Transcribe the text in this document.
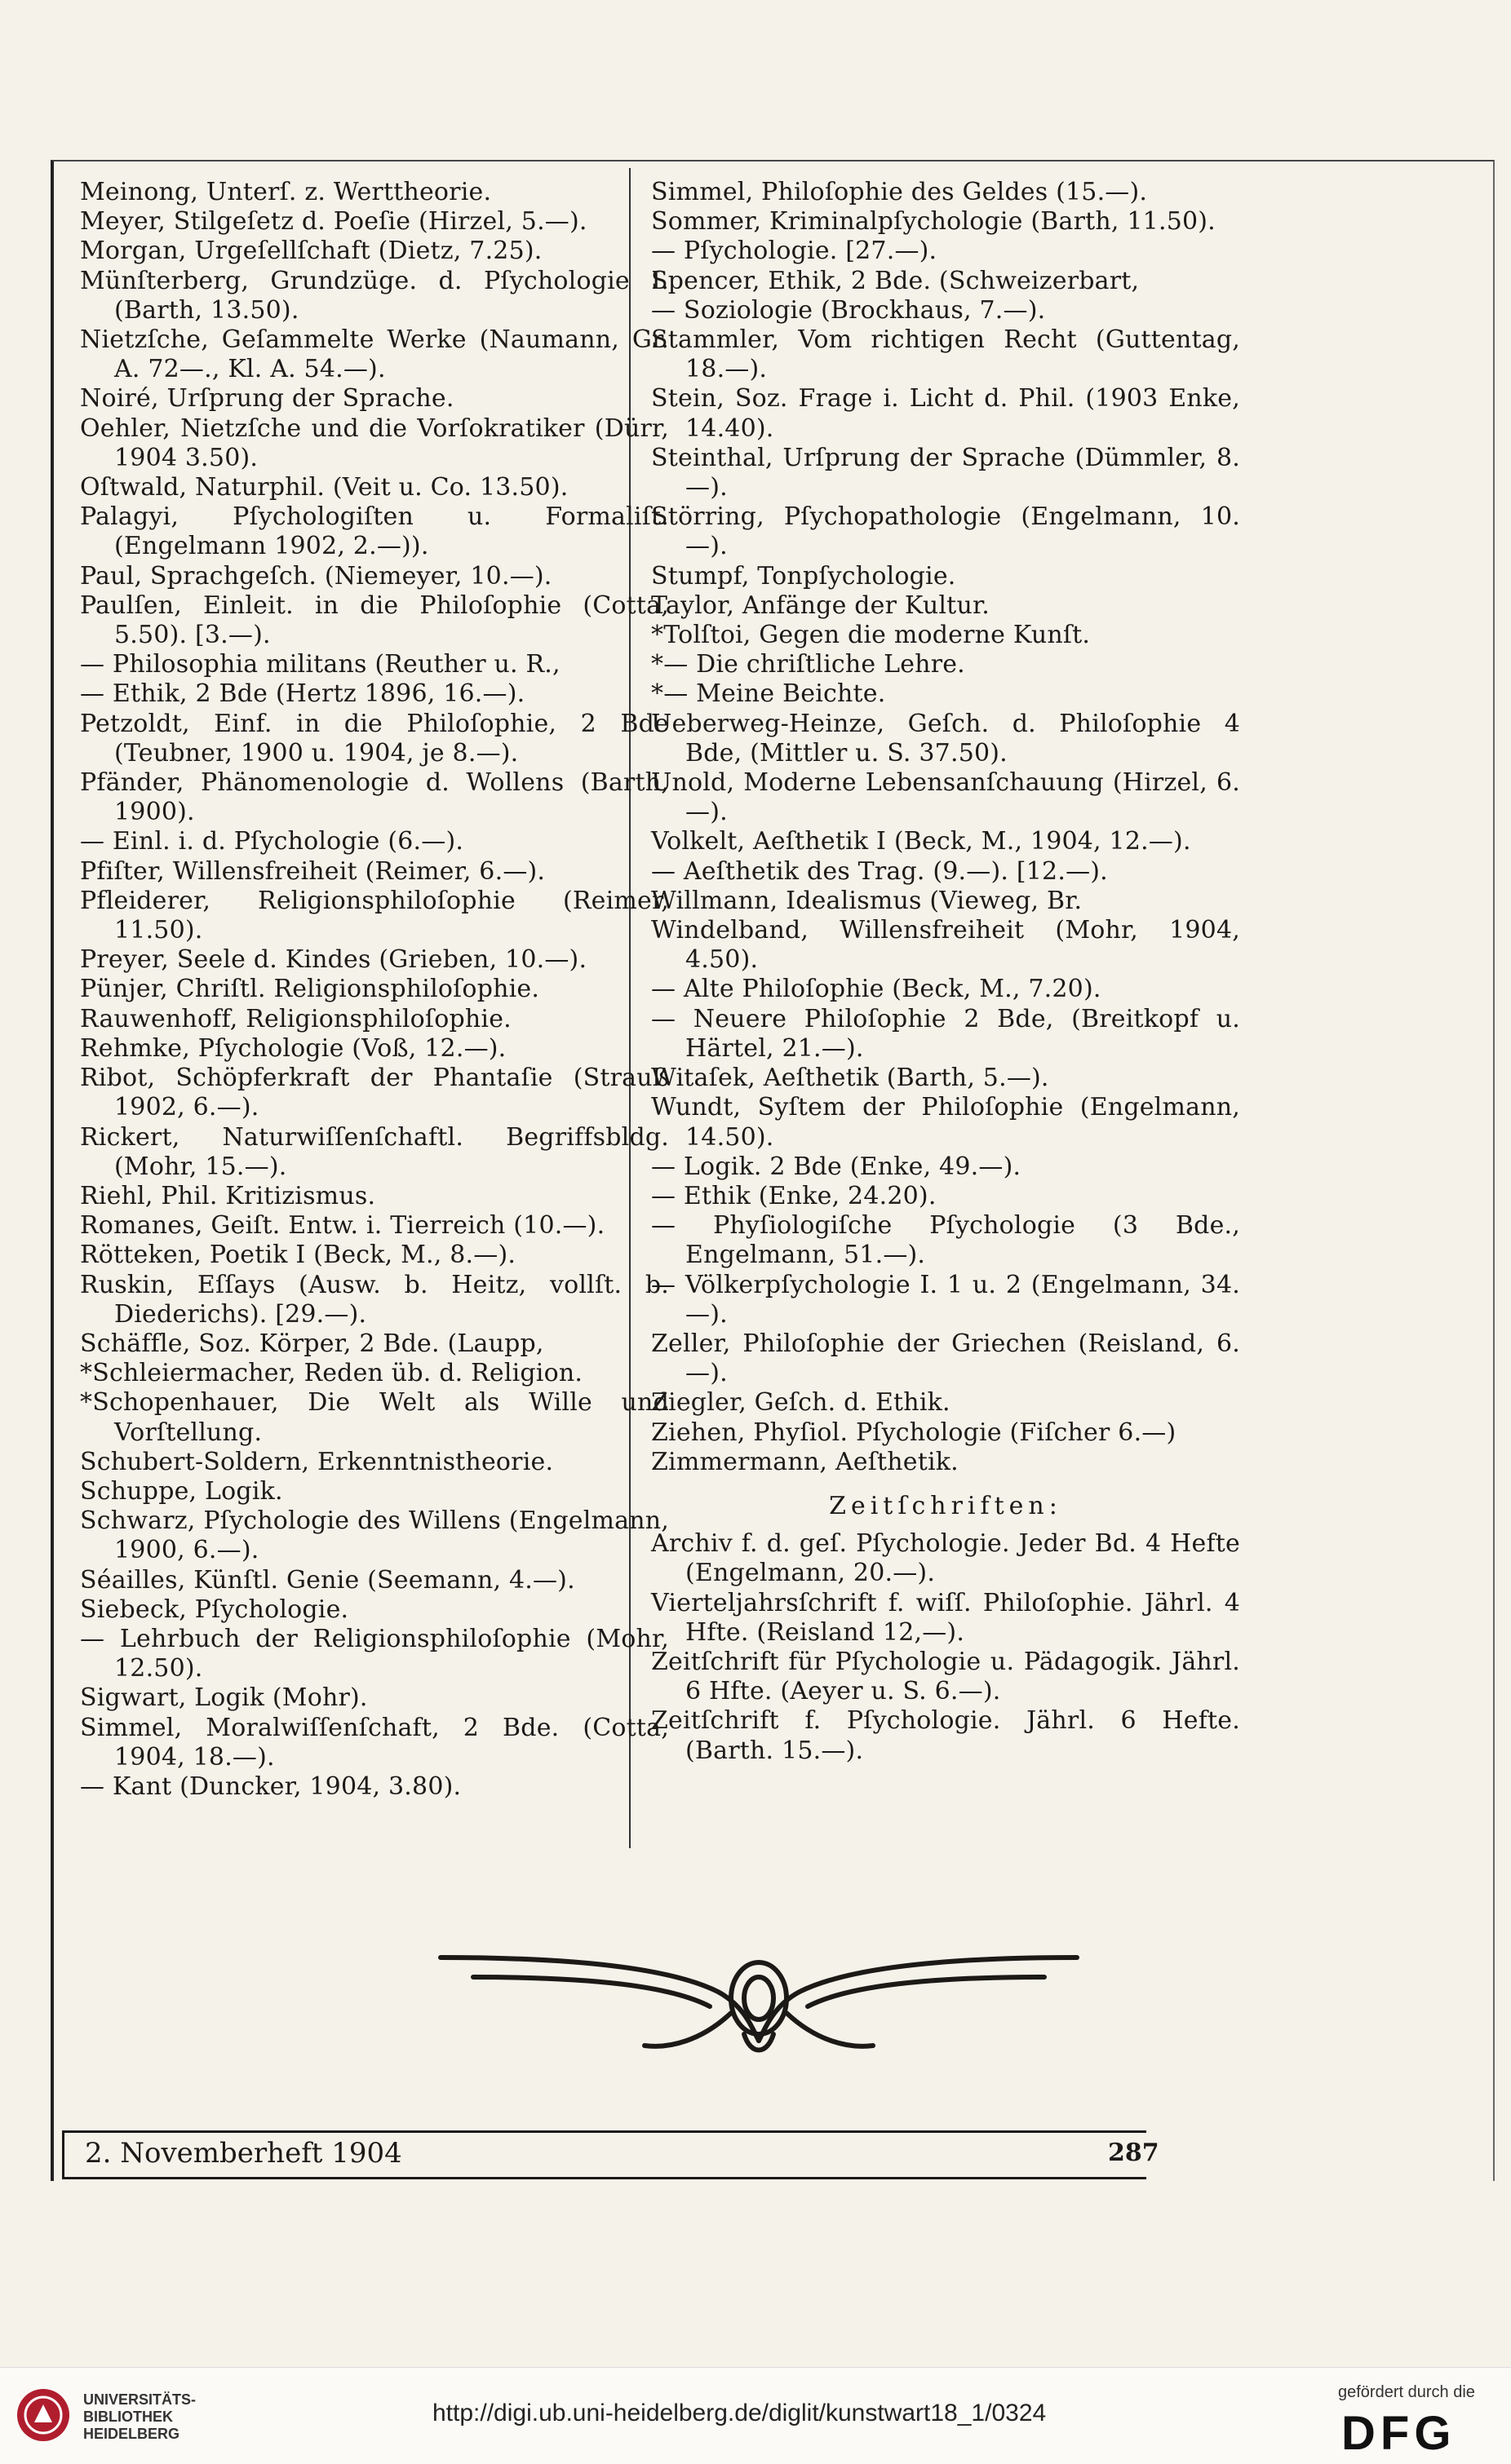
Meinong, Unterſ. z. Werttheorie.
Meyer, Stilgeſetz d. Poeſie (Hirzel, 5.—).
Morgan, Urgeſellſchaft (Dietz, 7.25).
Münſterberg, Grundzüge. d. Pſychologie I. (Barth, 13.50).
Nietzſche, Geſammelte Werke (Naumann, Gr. A. 72—., Kl. A. 54.—).
Noiré, Urſprung der Sprache.
Oehler, Nietzſche und die Vorſokratiker (Dürr, 1904 3.50).
Oſtwald, Naturphil. (Veit u. Co. 13.50).
Palagyi, Pſychologiſten u. Formaliſt. (Engelmann 1902, 2.—)).
Paul, Sprachgeſch. (Niemeyer, 10.—).
Paulſen, Einleit. in die Philoſophie (Cotta, 5.50). [3.—).
— Philosophia militans (Reuther u. R.,
— Ethik, 2 Bde (Hertz 1896, 16.—).
Petzoldt, Einf. in die Philoſophie, 2 Bde (Teubner, 1900 u. 1904, je 8.—).
Pfänder, Phänomenologie d. Wollens (Barth, 1900).
— Einl. i. d. Pſychologie (6.—).
Pfiſter, Willensfreiheit (Reimer, 6.—).
Pfleiderer, Religionsphiloſophie (Reimer, 11.50).
Preyer, Seele d. Kindes (Grieben, 10.—).
Pünjer, Chriſtl. Religionsphiloſophie.
Rauwenhoff, Religionsphiloſophie.
Rehmke, Pſychologie (Voß, 12.—).
Ribot, Schöpferkraft der Phantaſie (Strauß 1902, 6.—).
Rickert, Naturwiſſenſchaftl. Begriffsbldg. (Mohr, 15.—).
Riehl, Phil. Kritizismus.
Romanes, Geiſt. Entw. i. Tierreich (10.—).
Rötteken, Poetik I (Beck, M., 8.—).
Ruskin, Eſſays (Ausw. b. Heitz, vollſt. b. Diederichs). [29.—).
Schäffle, Soz. Körper, 2 Bde. (Laupp,
*Schleiermacher, Reden üb. d. Religion.
*Schopenhauer, Die Welt als Wille und Vorſtellung.
Schubert-Soldern, Erkenntnistheorie.
Schuppe, Logik.
Schwarz, Pſychologie des Willens (Engelmann, 1900, 6.—).
Séailles, Künſtl. Genie (Seemann, 4.—).
Siebeck, Pſychologie.
— Lehrbuch der Religionsphiloſophie (Mohr, 12.50).
Sigwart, Logik (Mohr).
Simmel, Moralwiſſenſchaft, 2 Bde. (Cotta, 1904, 18.—).
— Kant (Duncker, 1904, 3.80).
Simmel, Philoſophie des Geldes (15.—).
Sommer, Kriminalpſychologie (Barth, 11.50).
— Pſychologie. [27.—).
Spencer, Ethik, 2 Bde. (Schweizerbart,
— Soziologie (Brockhaus, 7.—).
Stammler, Vom richtigen Recht (Guttentag, 18.—).
Stein, Soz. Frage i. Licht d. Phil. (1903 Enke, 14.40).
Steinthal, Urſprung der Sprache (Dümmler, 8.—).
Störring, Pſychopathologie (Engelmann, 10.—).
Stumpf, Tonpſychologie.
Taylor, Anfänge der Kultur.
*Tolſtoi, Gegen die moderne Kunſt.
*— Die chriſtliche Lehre.
*— Meine Beichte.
Ueberweg-Heinze, Geſch. d. Philoſophie 4 Bde, (Mittler u. S. 37.50).
Unold, Moderne Lebensanſchauung (Hirzel, 6.—).
Volkelt, Aeſthetik I (Beck, M., 1904, 12.—).
— Aeſthetik des Trag. (9.—). [12.—).
Willmann, Idealismus (Vieweg, Br.
Windelband, Willensfreiheit (Mohr, 1904, 4.50).
— Alte Philoſophie (Beck, M., 7.20).
— Neuere Philoſophie 2 Bde, (Breitkopf u. Härtel, 21.—).
Witaſek, Aeſthetik (Barth, 5.—).
Wundt, Syſtem der Philoſophie (Engelmann, 14.50).
— Logik. 2 Bde (Enke, 49.—).
— Ethik (Enke, 24.20).
— Phyſiologiſche Pſychologie (3 Bde., Engelmann, 51.—).
— Völkerpſychologie I. 1 u. 2 (Engelmann, 34.—).
Zeller, Philoſophie der Griechen (Reisland, 6.—).
Ziegler, Geſch. d. Ethik.
Ziehen, Phyſiol. Pſychologie (Fiſcher 6.—)
Zimmermann, Aeſthetik.
Zeitſchriften:
Archiv f. d. geſ. Pſychologie. Jeder Bd. 4 Hefte (Engelmann, 20.—).
Vierteljahrsſchrift f. wiſſ. Philoſophie. Jährl. 4 Hfte. (Reisland 12,—).
Zeitſchrift für Pſychologie u. Pädagogik. Jährl. 6 Hfte. (Aeyer u. S. 6.—).
Zeitſchrift f. Pſychologie. Jährl. 6 Hefte. (Barth. 15.—).
2. Novemberheft 1904	287
UNIVERSITÄTS-
BIBLIOTHEK
HEIDELBERG
http://digi.ub.uni-heidelberg.de/diglit/kunstwart18_1/0324
gefördert durch die
DFG
